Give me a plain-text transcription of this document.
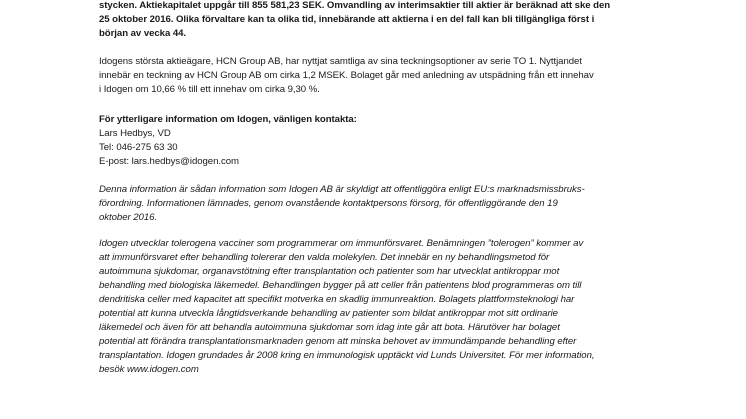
stycken. Aktiekapitalet uppgår till 855 581,23 SEK. Omvandling av interimsaktier till aktier är beräknad att ske den
25 oktober 2016. Olika förvaltare kan ta olika tid, innebärande att aktierna i en del fall kan bli tillgängliga först i
början av vecka 44.

Idogens största aktieägare, HCN Group AB, har nyttjat samtliga av sina teckningsoptioner av serie TO 1. Nyttjandet
innebär en teckning av HCN Group AB om cirka 1,2 MSEK. Bolaget går med anledning av utspädning från ett innehav
i Idogen om 10,66 % till ett innehav om cirka 9,30 %.

För ytterligare information om Idogen, vänligen kontakta:
Lars Hedbys, VD
Tel: 046-275 63 30
E-post: lars.hedbys@idogen.com

Denna information är sådan information som Idogen AB är skyldigt att offentliggöra enligt EU:s marknadsmissbruks-
förordning. Informationen lämnades, genom ovanstående kontaktpersons försorg, för offentliggörande den 19
oktober 2016.

Idogen utvecklar tolerogena vacciner som programmerar om immunförsvaret. Benämningen ”tolerogen” kommer av
att immunförsvaret efter behandling tolererar den valda molekylen. Det innebär en ny behandlingsmetod för
autoimmuna sjukdomar, organavstötning efter transplantation och patienter som har utvecklat antikroppar mot
behandling med biologiska läkemedel. Behandlingen bygger på att celler från patientens blod programmeras om till
dendritiska celler med kapacitet att specifikt motverka en skadlig immunreaktion. Bolagets plattformsteknologi har
potential att kunna utveckla långtidsverkande behandling av patienter som bildat antikroppar mot sitt ordinarie
läkemedel och även för att behandla autoimmuna sjukdomar som idag inte går att bota. Härutöver har bolaget
potential att förändra transplantationsmarknaden genom att minska behovet av immundämpande behandling efter
transplantation. Idogen grundades år 2008 kring en immunologisk upptäckt vid Lunds Universitet. För mer information,
besök www.idogen.com
